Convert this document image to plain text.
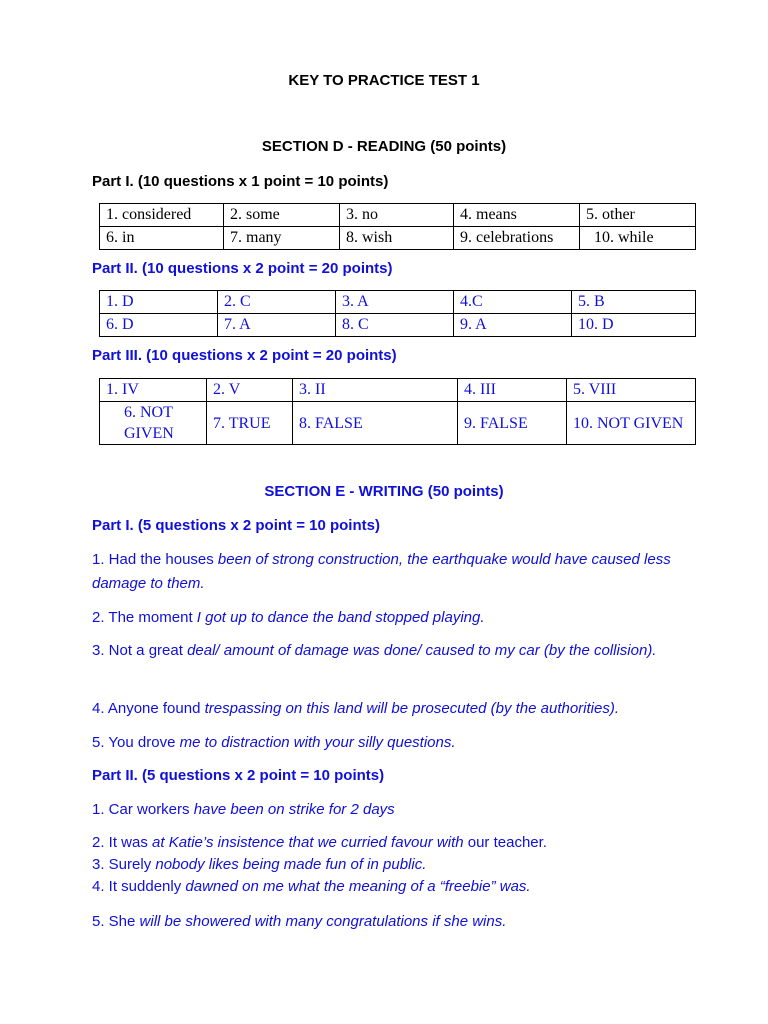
KEY TO PRACTICE TEST 1
SECTION D - READING (50 points)
Part I. (10 questions x 1 point = 10 points)
1. considered	2. some	3. no	4. means	5. other
6. in	7. many	8. wish	9. celebrations	10. while
Part II. (10 questions x 2 point = 20 points)
1. D	2. C	3. A	4.C	5. B
6. D	7. A	8. C	9. A	10. D
Part III. (10 questions x 2 point = 20 points)
1. IV	2. V	3. II	4. III	5. VIII
6. NOT GIVEN	7. TRUE	8. FALSE	9. FALSE	10. NOT GIVEN
SECTION E - WRITING (50 points)
Part I. (5 questions x 2 point = 10 points)
1. Had the houses been of strong construction, the earthquake would have caused less damage to them.
2. The moment I got up to dance the band stopped playing.
3. Not a great deal/ amount of damage was done/ caused to my car (by the collision).
4. Anyone found trespassing on this land will be prosecuted (by the authorities).
5. You drove me to distraction with your silly questions.
Part II. (5 questions x 2 point = 10 points)
1. Car workers have been on strike for 2 days
2. It was at Katie’s insistence that we curried favour with our teacher.
3. Surely nobody likes being made fun of in public.
4. It suddenly dawned on me what the meaning of a “freebie” was.
5. She will be showered with many congratulations if she wins.
